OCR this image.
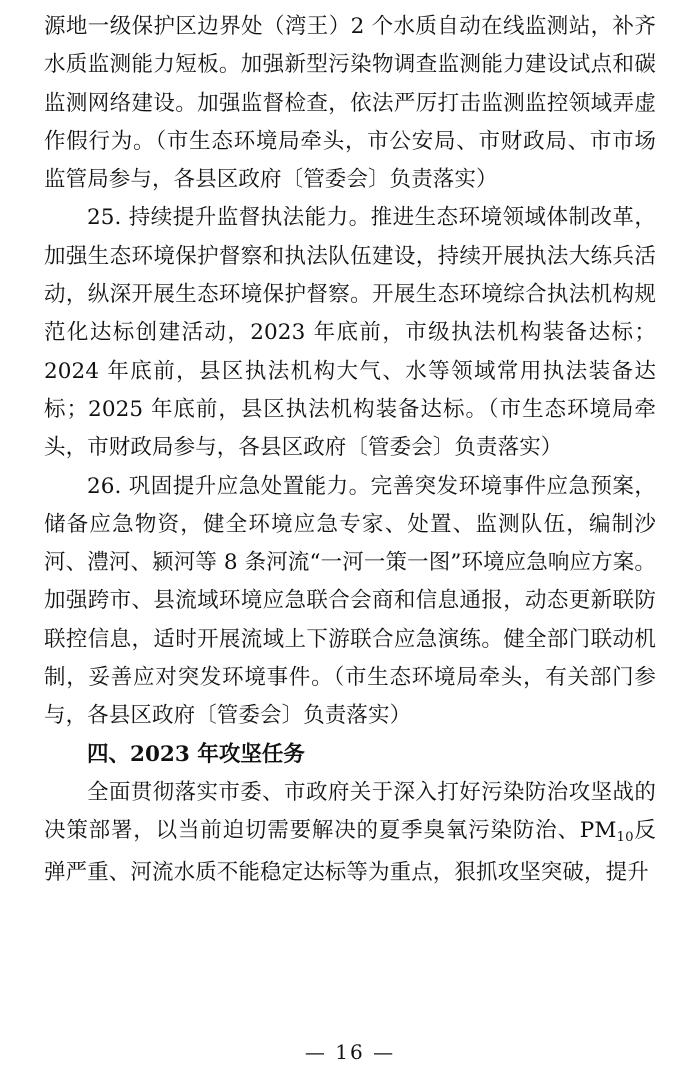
源地一级保护区边界处（湾王）2 个水质自动在线监测站，补齐水质监测能力短板。加强新型污染物调查监测能力建设试点和碳监测网络建设。加强监督检查，依法严厉打击监测监控领域弄虚作假行为。（市生态环境局牵头，市公安局、市财政局、市市场监管局参与，各县区政府〔管委会〕负责落实）

25. 持续提升监督执法能力。推进生态环境领域体制改革，加强生态环境保护督察和执法队伍建设，持续开展执法大练兵活动，纵深开展生态环境保护督察。开展生态环境综合执法机构规范化达标创建活动，2023 年底前，市级执法机构装备达标；2024 年底前，县区执法机构大气、水等领域常用执法装备达标；2025 年底前，县区执法机构装备达标。（市生态环境局牵头，市财政局参与，各县区政府〔管委会〕负责落实）

26. 巩固提升应急处置能力。完善突发环境事件应急预案，储备应急物资，健全环境应急专家、处置、监测队伍，编制沙河、澧河、颍河等 8 条河流“一河一策一图”环境应急响应方案。加强跨市、县流域环境应急联合会商和信息通报，动态更新联防联控信息，适时开展流域上下游联合应急演练。健全部门联动机制，妥善应对突发环境事件。（市生态环境局牵头，有关部门参与，各县区政府〔管委会〕负责落实）

四、2023 年攻坚任务

全面贯彻落实市委、市政府关于深入打好污染防治攻坚战的决策部署，以当前迫切需要解决的夏季臭氧污染防治、$PM_{10}$反弹严重、河流水质不能稳定达标等为重点，狠抓攻坚突破，提升

— 16 —
